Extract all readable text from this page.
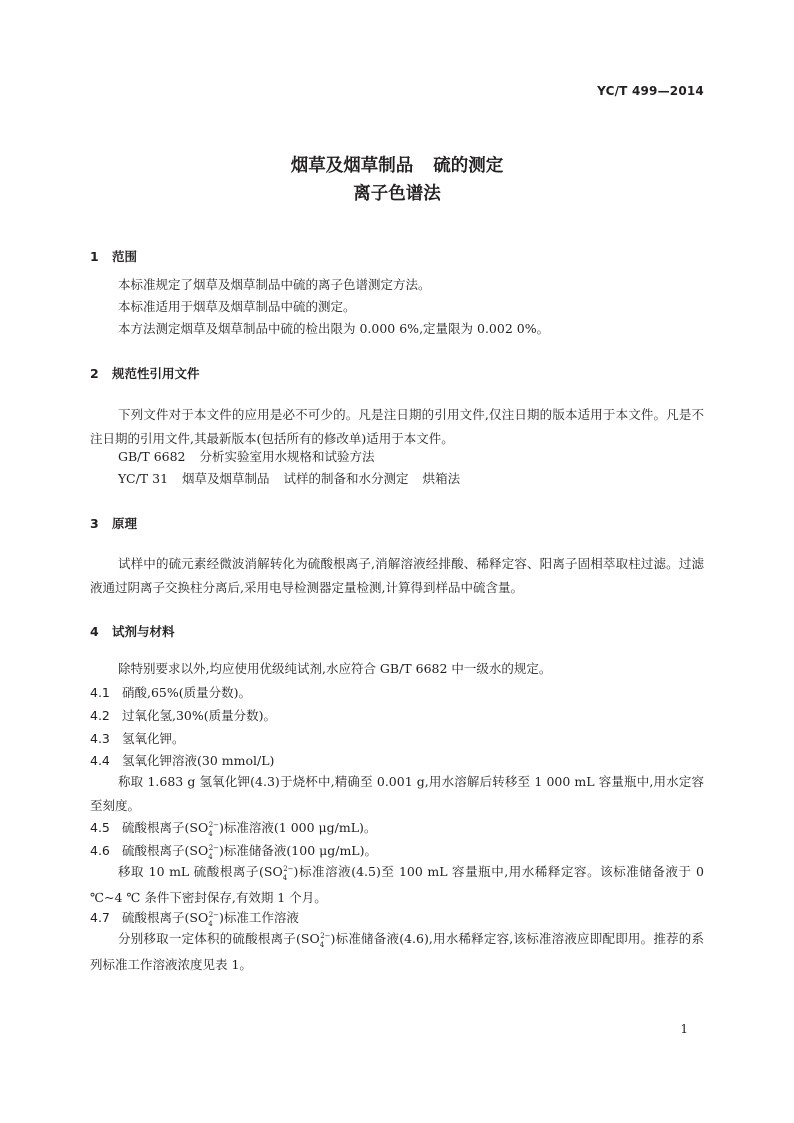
YC/T 499—2014
烟草及烟草制品 硫的测定
离子色谱法
1 范围
本标准规定了烟草及烟草制品中硫的离子色谱测定方法。
本标准适用于烟草及烟草制品中硫的测定。
本方法测定烟草及烟草制品中硫的检出限为 0.000 6%,定量限为 0.002 0%。
2 规范性引用文件
下列文件对于本文件的应用是必不可少的。凡是注日期的引用文件,仅注日期的版本适用于本文件。凡是不注日期的引用文件,其最新版本(包括所有的修改单)适用于本文件。
GB/T 6682 分析实验室用水规格和试验方法
YC/T 31 烟草及烟草制品 试样的制备和水分测定 烘箱法
3 原理
试样中的硫元素经微波消解转化为硫酸根离子,消解溶液经排酸、稀释定容、阳离子固相萃取柱过滤。过滤液通过阴离子交换柱分离后,采用电导检测器定量检测,计算得到样品中硫含量。
4 试剂与材料
除特别要求以外,均应使用优级纯试剂,水应符合 GB/T 6682 中一级水的规定。
4.1 硝酸,65%(质量分数)。
4.2 过氧化氢,30%(质量分数)。
4.3 氢氧化钾。
4.4 氢氧化钾溶液(30 mmol/L)
称取 1.683 g 氢氧化钾(4.3)于烧杯中,精确至 0.001 g,用水溶解后转移至 1 000 mL 容量瓶中,用水定容至刻度。
4.5 硫酸根离子$(SO_4^{2-})$标准溶液(1 000 μg/mL)。
4.6 硫酸根离子$(SO_4^{2-})$标准储备液(100 μg/mL)。
移取 10 mL 硫酸根离子$(SO_4^{2-})$标准溶液(4.5)至 100 mL 容量瓶中,用水稀释定容。该标准储备液于 0 ℃~4 ℃ 条件下密封保存,有效期 1 个月。
4.7 硫酸根离子$(SO_4^{2-})$标准工作溶液
分别移取一定体积的硫酸根离子$(SO_4^{2-})$标准储备液(4.6),用水稀释定容,该标准溶液应即配即用。推荐的系列标准工作溶液浓度见表 1。
1
